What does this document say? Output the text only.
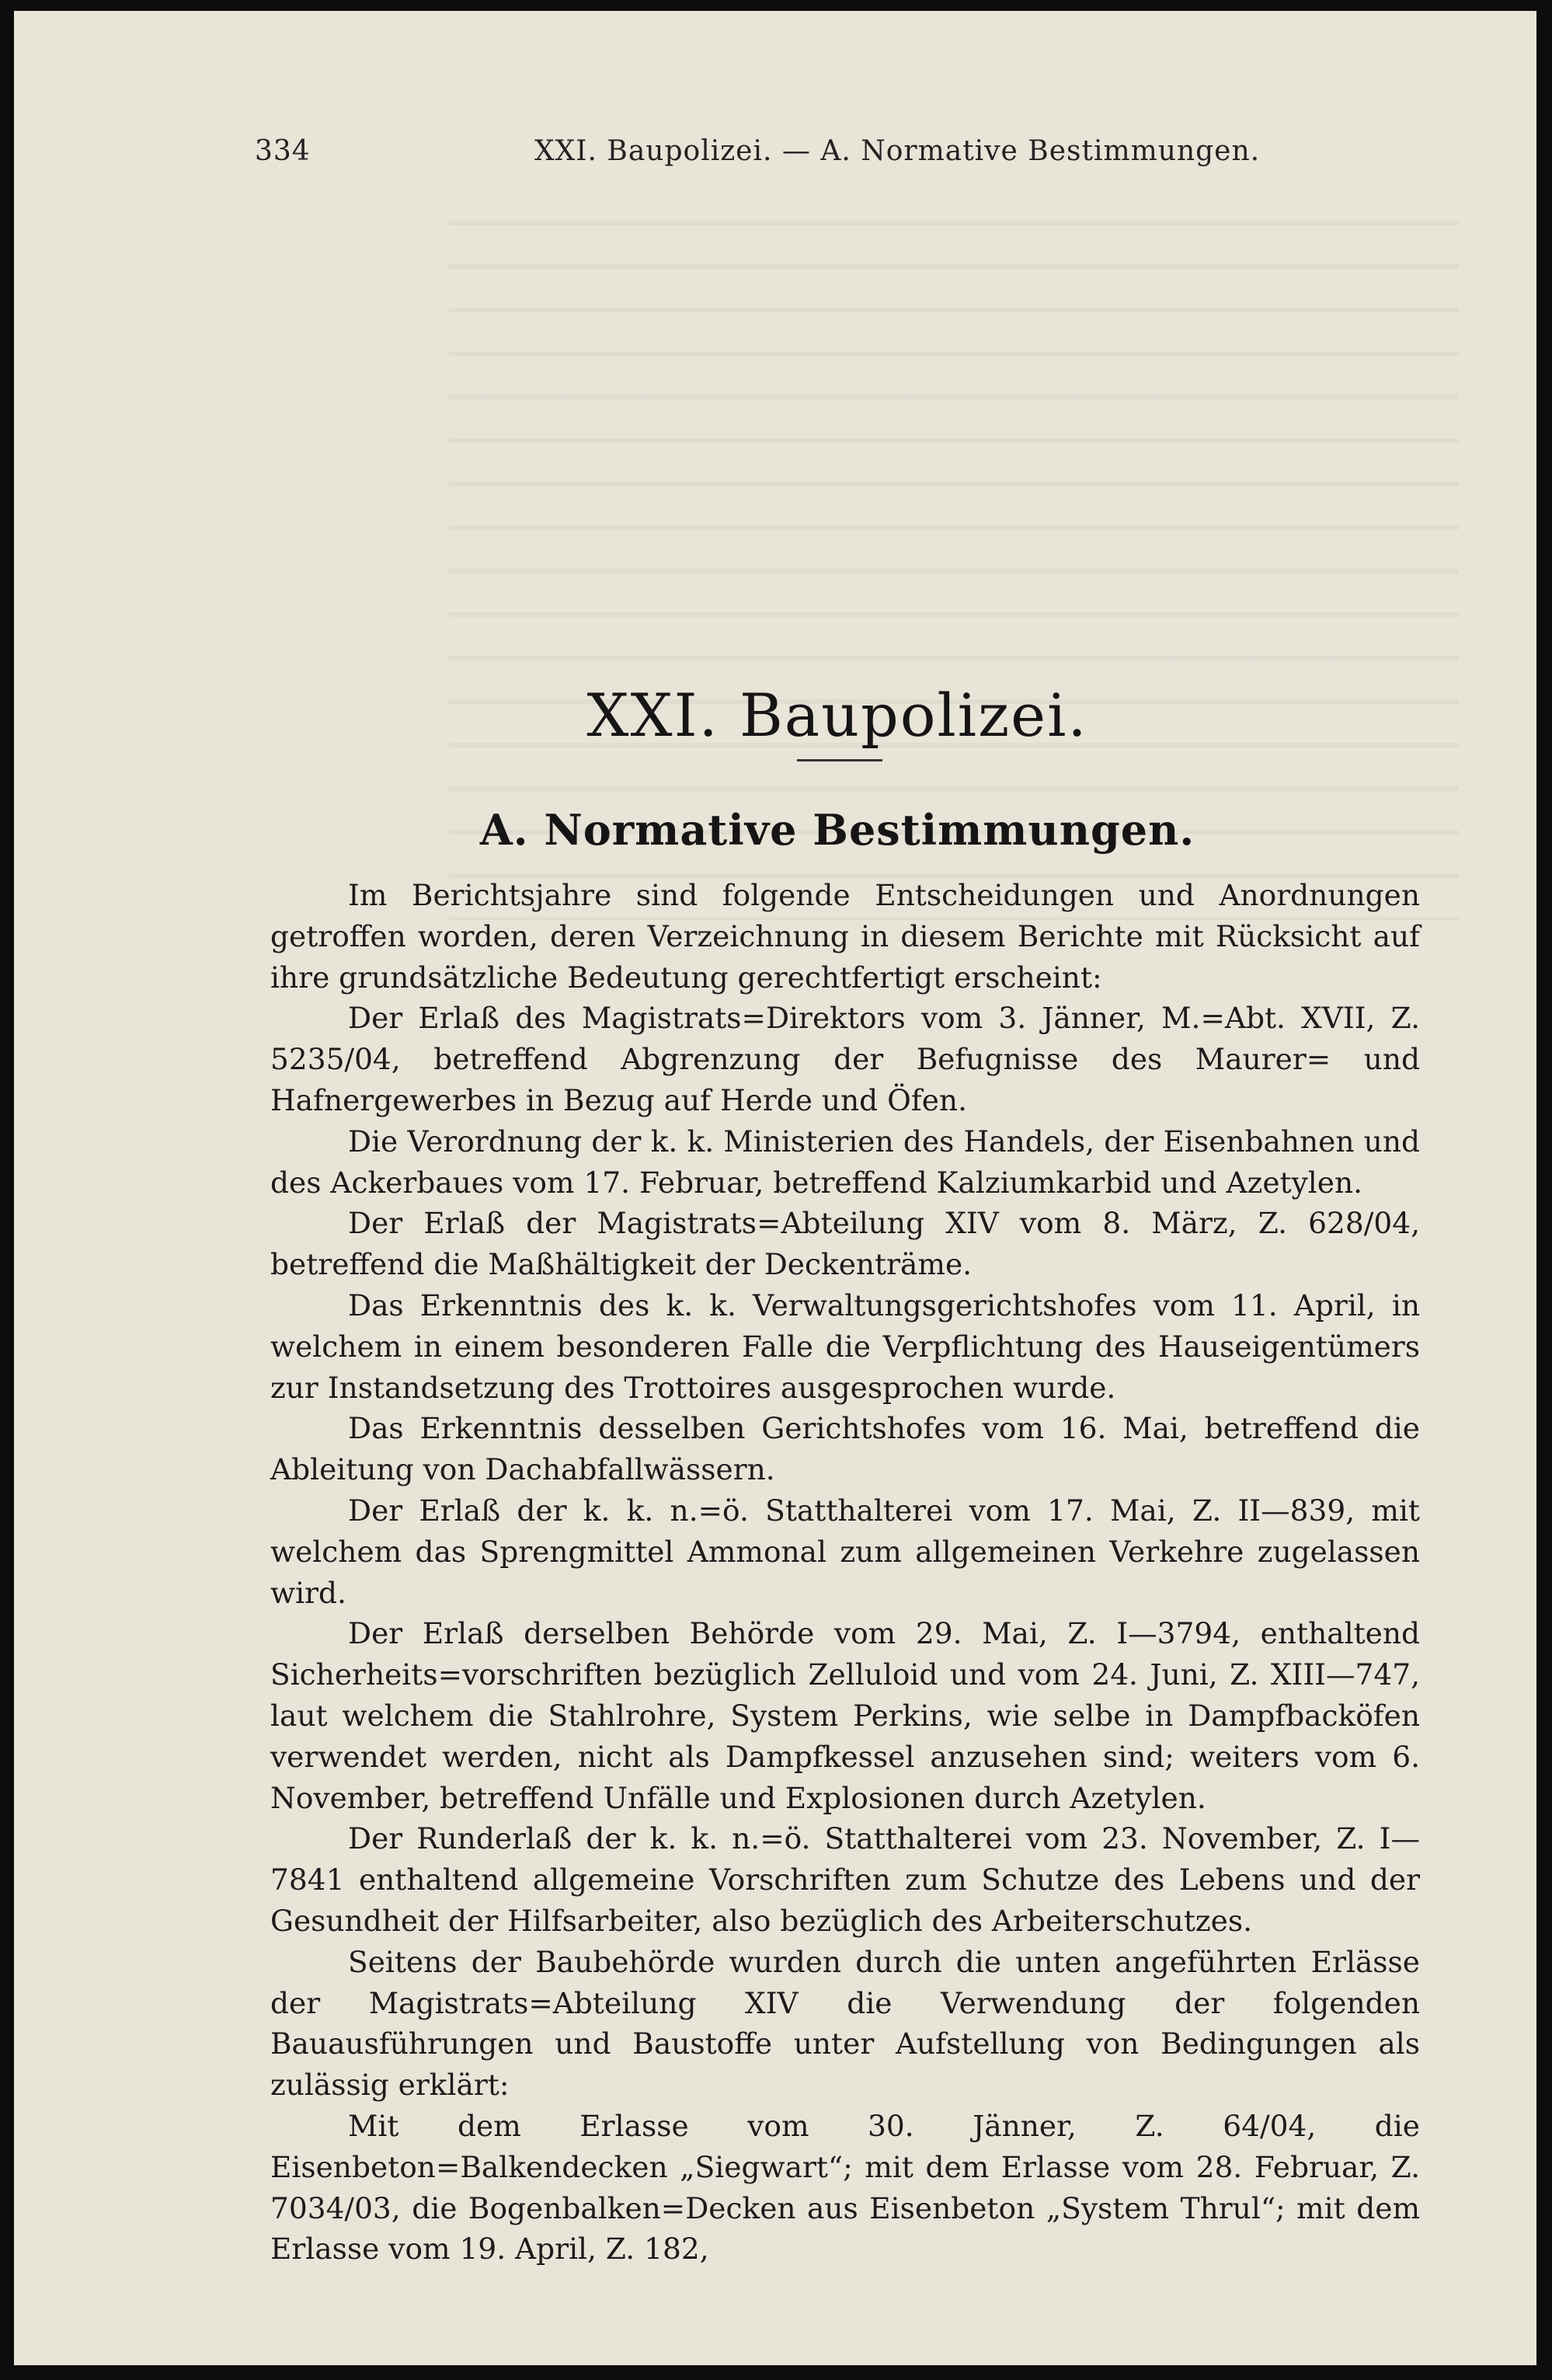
334	XXI. Baupolizei. — A. Normative Bestimmungen.
XXI. Baupolizei.
A. Normative Bestimmungen.

Im Berichtsjahre sind folgende Entscheidungen und Anordnungen getroffen worden, deren Verzeichnung in diesem Berichte mit Rücksicht auf ihre grundsätzliche Bedeutung gerechtfertigt erscheint:

Der Erlaß des Magistrats=Direktors vom 3. Jänner, M.=Abt. XVII, Z. 5235/04, betreffend Abgrenzung der Befugnisse des Maurer= und Hafnergewerbes in Bezug auf Herde und Öfen.

Die Verordnung der k. k. Ministerien des Handels, der Eisenbahnen und des Ackerbaues vom 17. Februar, betreffend Kalziumkarbid und Azetylen.

Der Erlaß der Magistrats=Abteilung XIV vom 8. März, Z. 628/04, betreffend die Maßhältigkeit der Deckenträme.

Das Erkenntnis des k. k. Verwaltungsgerichtshofes vom 11. April, in welchem in einem besonderen Falle die Verpflichtung des Hauseigentümers zur Instandsetzung des Trottoires ausgesprochen wurde.

Das Erkenntnis desselben Gerichtshofes vom 16. Mai, betreffend die Ableitung von Dachabfallwässern.

Der Erlaß der k. k. n.=ö. Statthalterei vom 17. Mai, Z. II—839, mit welchem das Sprengmittel Ammonal zum allgemeinen Verkehre zugelassen wird.

Der Erlaß derselben Behörde vom 29. Mai, Z. I—3794, enthaltend Sicherheits=vorschriften bezüglich Zelluloid und vom 24. Juni, Z. XIII—747, laut welchem die Stahlrohre, System Perkins, wie selbe in Dampfbacköfen verwendet werden, nicht als Dampfkessel anzusehen sind; weiters vom 6. November, betreffend Unfälle und Explosionen durch Azetylen.

Der Runderlaß der k. k. n.=ö. Statthalterei vom 23. November, Z. I—7841 enthaltend allgemeine Vorschriften zum Schutze des Lebens und der Gesundheit der Hilfsarbeiter, also bezüglich des Arbeiterschutzes.

Seitens der Baubehörde wurden durch die unten angeführten Erlässe der Magistrats=Abteilung XIV die Verwendung der folgenden Bauausführungen und Baustoffe unter Aufstellung von Bedingungen als zulässig erklärt:

Mit dem Erlasse vom 30. Jänner, Z. 64/04, die Eisenbeton=Balkendecken „Siegwart“; mit dem Erlasse vom 28. Februar, Z. 7034/03, die Bogenbalken=Decken aus Eisenbeton „System Thrul“; mit dem Erlasse vom 19. April, Z. 182,
